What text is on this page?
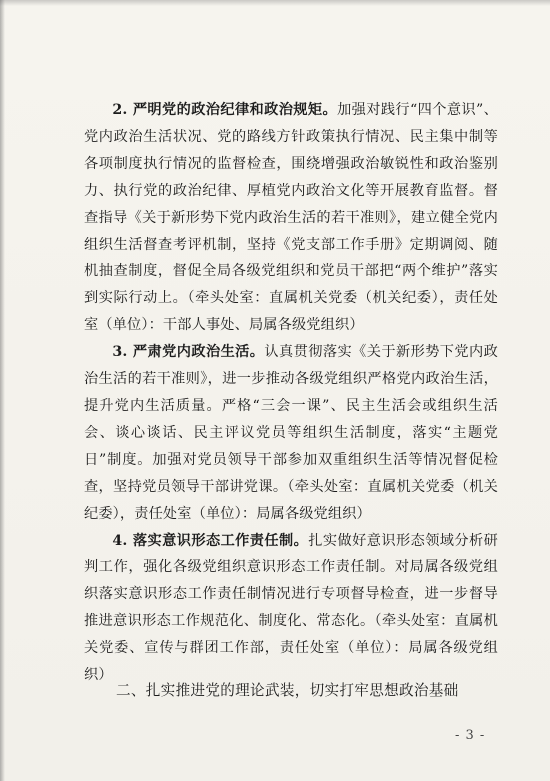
2. 严明党的政治纪律和政治规矩。加强对践行“四个意识”、党内政治生活状况、党的路线方针政策执行情况、民主集中制等各项制度执行情况的监督检查，围绕增强政治敏锐性和政治鉴别力、执行党的政治纪律、厚植党内政治文化等开展教育监督。督查指导《关于新形势下党内政治生活的若干准则》，建立健全党内组织生活督查考评机制，坚持《党支部工作手册》定期调阅、随机抽查制度，督促全局各级党组织和党员干部把“两个维护”落实到实际行动上。（牵头处室：直属机关党委（机关纪委），责任处室（单位）：干部人事处、局属各级党组织）

3. 严肃党内政治生活。认真贯彻落实《关于新形势下党内政治生活的若干准则》，进一步推动各级党组织严格党内政治生活，提升党内生活质量。严格“三会一课”、民主生活会或组织生活会、谈心谈话、民主评议党员等组织生活制度，落实“主题党日”制度。加强对党员领导干部参加双重组织生活等情况督促检查，坚持党员领导干部讲党课。（牵头处室：直属机关党委（机关纪委），责任处室（单位）：局属各级党组织）

4. 落实意识形态工作责任制。扎实做好意识形态领域分析研判工作，强化各级党组织意识形态工作责任制。对局属各级党组织落实意识形态工作责任制情况进行专项督导检查，进一步督导推进意识形态工作规范化、制度化、常态化。（牵头处室：直属机关党委、宣传与群团工作部，责任处室（单位）：局属各级党组织）

二、扎实推进党的理论武装，切实打牢思想政治基础
- 3 -
